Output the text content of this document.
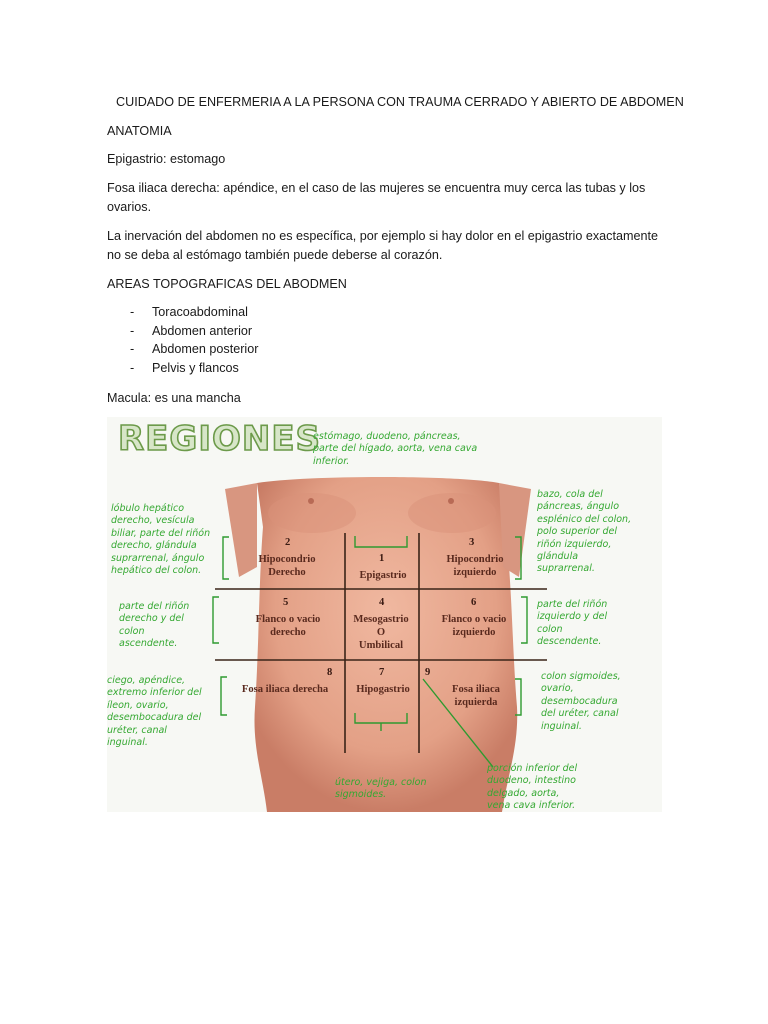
CUIDADO DE ENFERMERIA A LA PERSONA CON TRAUMA CERRADO Y ABIERTO DE ABDOMEN
ANATOMIA
Epigastrio: estomago
Fosa iliaca derecha: apéndice, en el caso de las mujeres se encuentra muy cerca las tubas y los ovarios.
La inervación del abdomen no es específica, por ejemplo si hay dolor en el epigastrio exactamente no se deba al estómago también puede deberse al corazón.
AREAS TOPOGRAFICAS DEL ABODMEN
- Toracoabdominal
- Abdomen anterior
- Abdomen posterior
- Pelvis y flancos
Macula: es una mancha
REGIONES
2
Hipocondrio
Derecho
1
Epigastrio
3
Hipocondrio
izquierdo
5
Flanco o vacio
derecho
4
Mesogastrio
O
Umbilical
6
Flanco o vacio
izquierdo
8
Fosa iliaca derecha
7
Hipogastrio
9
Fosa iliaca
izquierda
estómago, duodeno, páncreas,
parte del hígado, aorta, vena cava
inferior.
lóbulo hepático
derecho, vesícula
biliar, parte del riñón
derecho, glándula
suprarrenal, ángulo
hepático del colon.
bazo, cola del
páncreas, ángulo
esplénico del colon,
polo superior del
riñón izquierdo,
glándula
suprarrenal.
parte del riñón
derecho y del
colon
ascendente.
parte del riñón
izquierdo y del
colon
descendente.
ciego, apéndice,
extremo inferior del
íleon, ovario,
desembocadura del
uréter, canal
inguinal.
colon sigmoides,
ovario,
desembocadura
del uréter, canal
inguinal.
útero, vejiga, colon
sigmoides.
porción inferior del
duodeno, intestino
delgado, aorta,
vena cava inferior.
